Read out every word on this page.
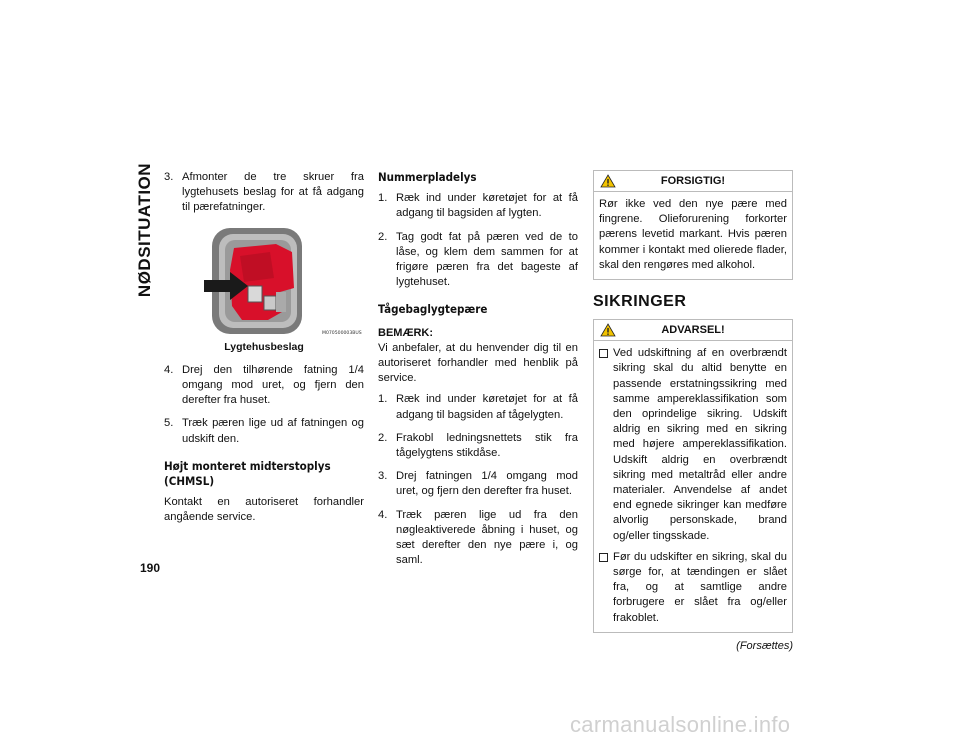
NØDSITUATION
190
3. Afmonter de tre skruer fra lygtehusets beslag for at få adgang til pærefatninger.
M070500003BUS
Lygtehusbeslag
4. Drej den tilhørende fatning 1/4 omgang mod uret, og fjern den derefter fra huset.
5. Træk pæren lige ud af fatningen og udskift den.
Højt monteret midterstoplys (CHMSL)
Kontakt en autoriseret forhandler angående service.
Nummerpladelys
1. Ræk ind under køretøjet for at få adgang til bagsiden af lygten.
2. Tag godt fat på pæren ved de to låse, og klem dem sammen for at frigøre pæren fra det bageste af lygtehuset.
Tågebaglygtepære
BEMÆRK:
Vi anbefaler, at du henvender dig til en autoriseret forhandler med henblik på service.
1. Ræk ind under køretøjet for at få adgang til bagsiden af tågelygten.
2. Frakobl ledningsnettets stik fra tågelygtens stikdåse.
3. Drej fatningen 1/4 omgang mod uret, og fjern den derefter fra huset.
4. Træk pæren lige ud fra den nøgleaktiverede åbning i huset, og sæt derefter den nye pære i, og saml.
FORSIGTIG!
Rør ikke ved den nye pære med fingrene. Olieforurening forkorter pærens levetid markant. Hvis pæren kommer i kontakt med olierede flader, skal den rengøres med alkohol.
SIKRINGER
ADVARSEL!
Ved udskiftning af en overbrændt sikring skal du altid benytte en passende erstatningssikring med samme ampereklassifikation som den oprindelige sikring. Udskift aldrig en sikring med en sikring med højere ampereklassifikation. Udskift aldrig en overbrændt sikring med metaltråd eller andre materialer. Anvendelse af andet end egnede sikringer kan medføre alvorlig personskade, brand og/eller tingsskade.
Før du udskifter en sikring, skal du sørge for, at tændingen er slået fra, og at samtlige andre forbrugere er slået fra og/eller frakoblet.
(Forsættes)
carmanualsonline.info
